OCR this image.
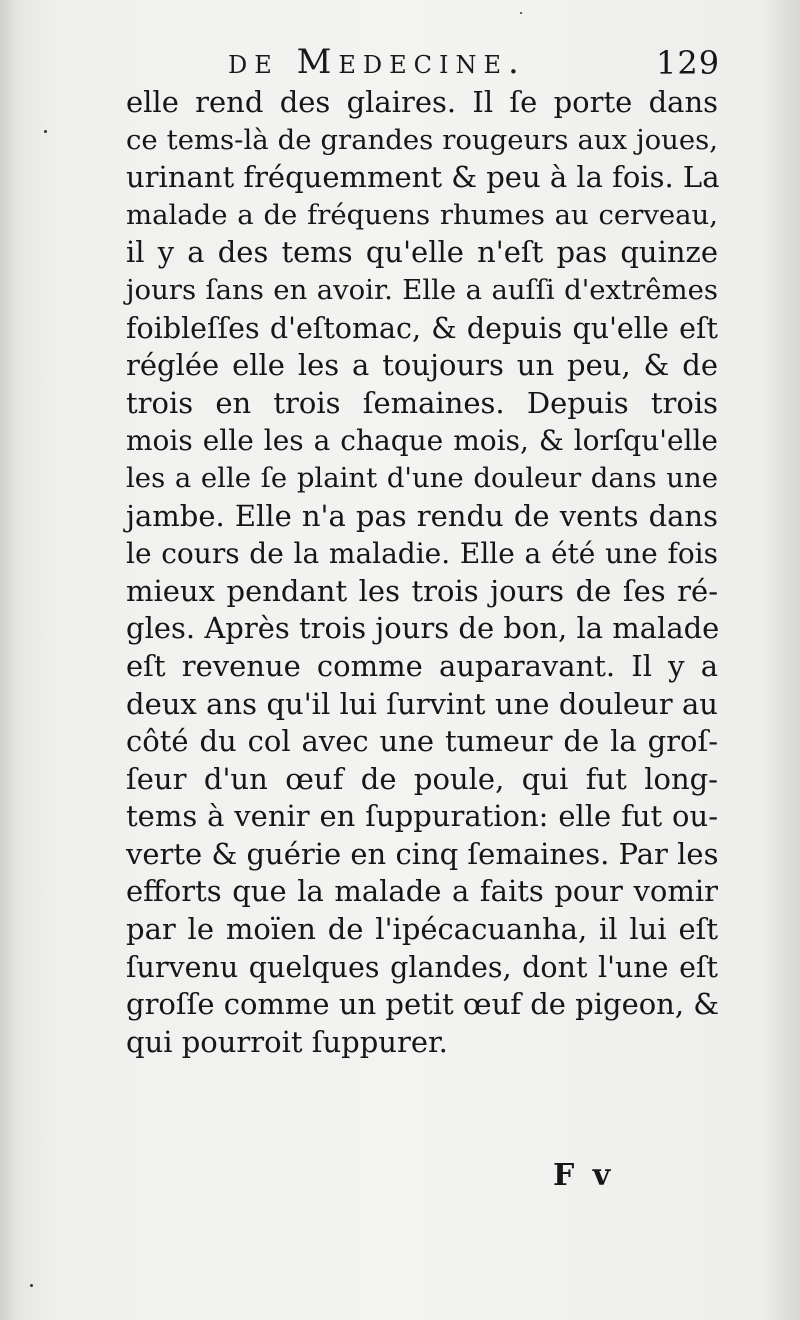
de Medecine.	129
elle rend des glaires. Il ſe porte dans
ce tems-là de grandes rougeurs aux joues,
urinant fréquemment & peu à la fois. La
malade a de fréquens rhumes au cerveau,
il y a des tems qu'elle n'eſt pas quinze
jours ſans en avoir. Elle a auſſi d'extrêmes
foibleſſes d'eſtomac, & depuis qu'elle eſt
réglée elle les a toujours un peu, & de
trois en trois ſemaines. Depuis trois
mois elle les a chaque mois, & lorſqu'elle
les a elle ſe plaint d'une douleur dans une
jambe. Elle n'a pas rendu de vents dans
le cours de la maladie. Elle a été une fois
mieux pendant les trois jours de ſes ré-
gles. Après trois jours de bon, la malade
eſt revenue comme auparavant. Il y a
deux ans qu'il lui ſurvint une douleur au
côté du col avec une tumeur de la groſ-
ſeur d'un œuf de poule, qui fut long-
tems à venir en ſuppuration: elle fut ou-
verte & guérie en cinq ſemaines. Par les
efforts que la malade a faits pour vomir
par le moïen de l'ipécacuanha, il lui eſt
ſurvenu quelques glandes, dont l'une eſt
groſſe comme un petit œuf de pigeon, &
qui pourroit ſuppurer.
F v
